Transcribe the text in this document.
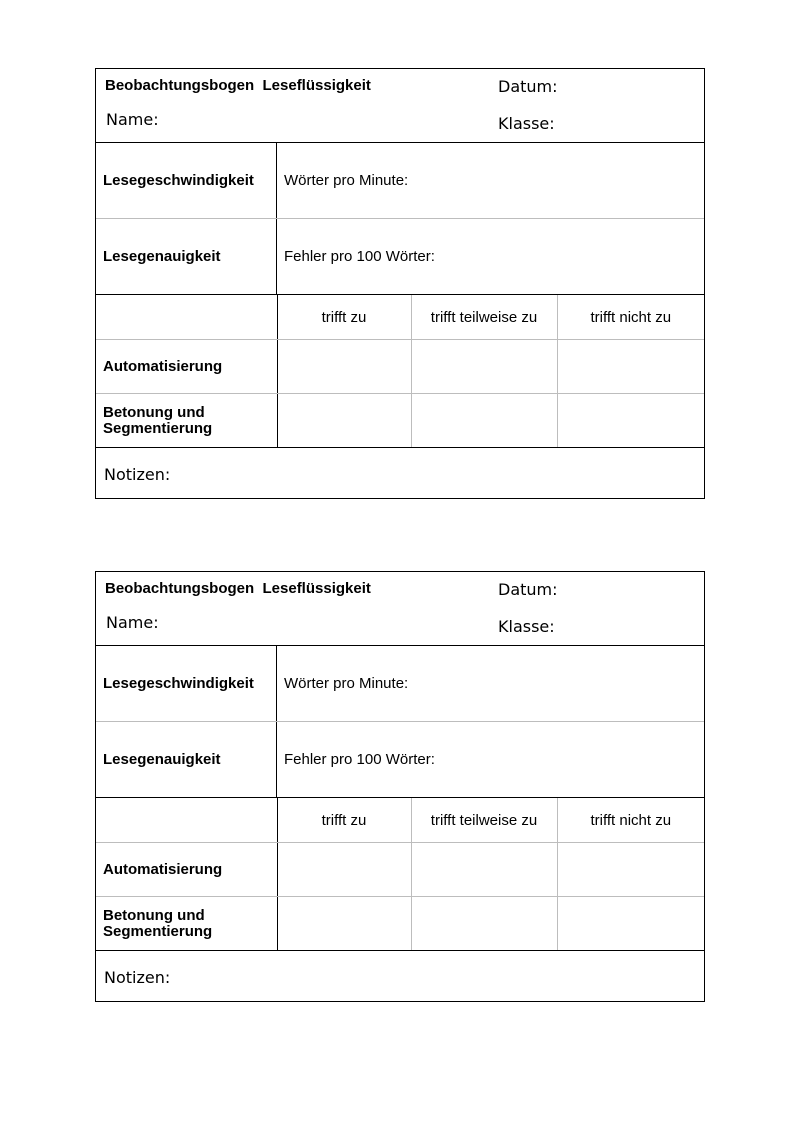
Beobachtungsbogen  Leseflüssigkeit
Name:
Datum:
Klasse:
Lesegeschwindigkeit	Wörter pro Minute:
Lesegenauigkeit	Fehler pro 100 Wörter:
	trifft zu	trifft teilweise zu	trifft nicht zu
Automatisierung			
Betonung und
Segmentierung			
Notizen:
Beobachtungsbogen  Leseflüssigkeit
Name:
Datum:
Klasse:
Lesegeschwindigkeit	Wörter pro Minute:
Lesegenauigkeit	Fehler pro 100 Wörter:
	trifft zu	trifft teilweise zu	trifft nicht zu
Automatisierung			
Betonung und
Segmentierung			
Notizen:
